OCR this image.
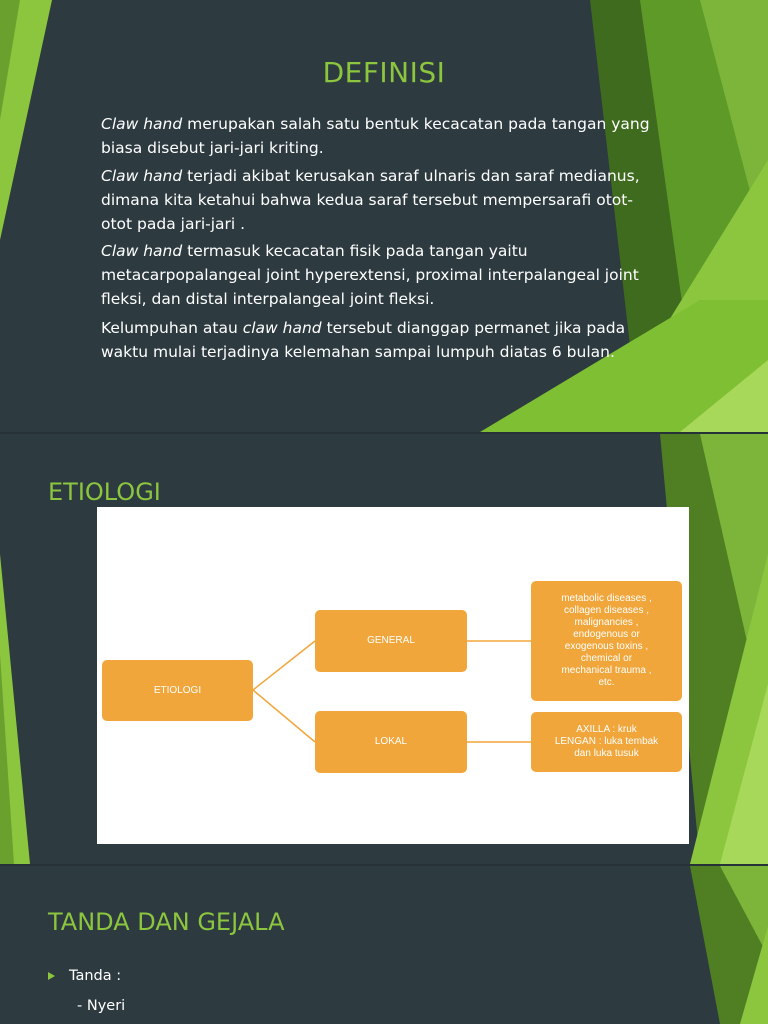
DEFINISI

Claw hand merupakan salah satu bentuk kecacatan pada tangan yang biasa disebut jari-jari kriting.

Claw hand terjadi akibat kerusakan saraf ulnaris dan saraf medianus, dimana kita ketahui bahwa kedua saraf tersebut mempersarafi otot-otot pada jari-jari .

Claw hand termasuk kecacatan fisik pada tangan yaitu metacarpopalangeal joint hyperextensi, proximal interpalangeal joint fleksi, dan distal interpalangeal joint fleksi.

Kelumpuhan atau claw hand tersebut dianggap permanet jika pada waktu mulai terjadinya kelemahan sampai lumpuh diatas 6 bulan.

ETIOLOGI
ETIOLOGI
GENERAL
LOKAL
metabolic diseases ,
collagen diseases ,
malignancies ,
endogenous or
exogenous toxins ,
chemical or
mechanical trauma ,
etc.
AXILLA : kruk
LENGAN : luka tembak
dan luka tusuk
TANDA DAN GEJALA
Tanda :
- Nyeri
